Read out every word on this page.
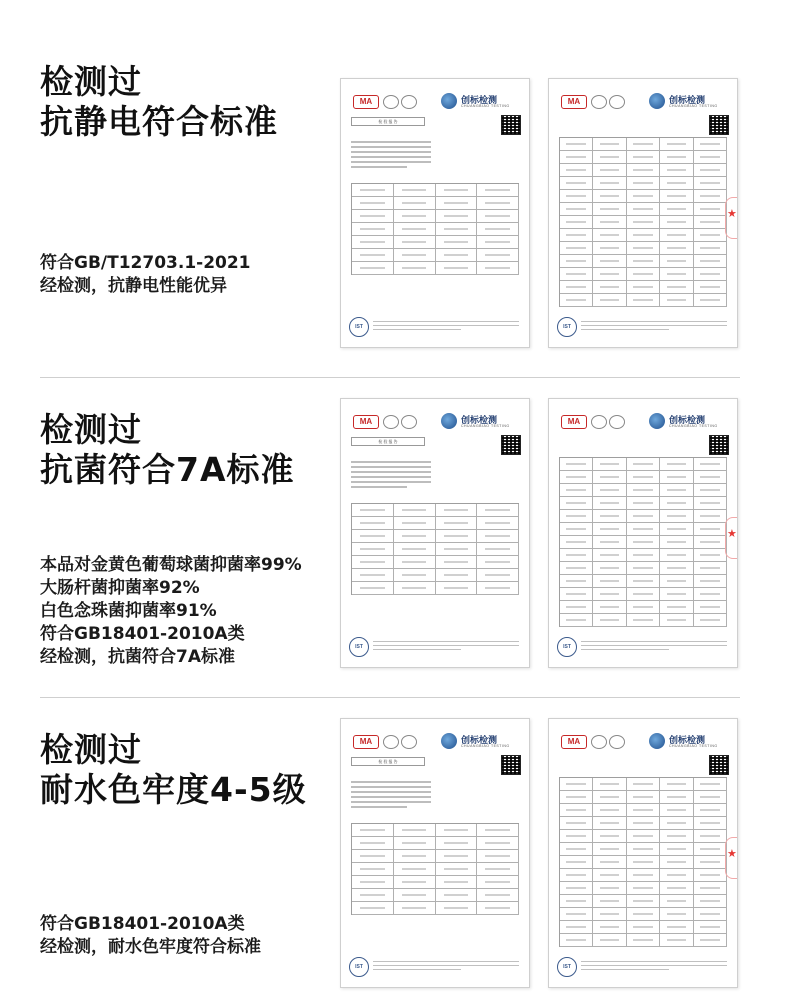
检测过
抗静电符合标准
符合GB/T12703.1-2021
经检测，抗静电性能优异
MA	创标检测
CHUANGBIAO TESTING
检 验 报 告
IST
MA	创标检测
CHUANGBIAO TESTING
★
IST
检测过
抗菌符合7A标准
本品对金黄色葡萄球菌抑菌率99%
大肠杆菌抑菌率92%
白色念珠菌抑菌率91%
符合GB18401-2010A类
经检测，抗菌符合7A标准
MA	创标检测
CHUANGBIAO TESTING
检 验 报 告
IST
MA	创标检测
CHUANGBIAO TESTING
★
IST
检测过
耐水色牢度4-5级
符合GB18401-2010A类
经检测，耐水色牢度符合标准
MA	创标检测
CHUANGBIAO TESTING
检 验 报 告
IST
MA	创标检测
CHUANGBIAO TESTING
★
IST
